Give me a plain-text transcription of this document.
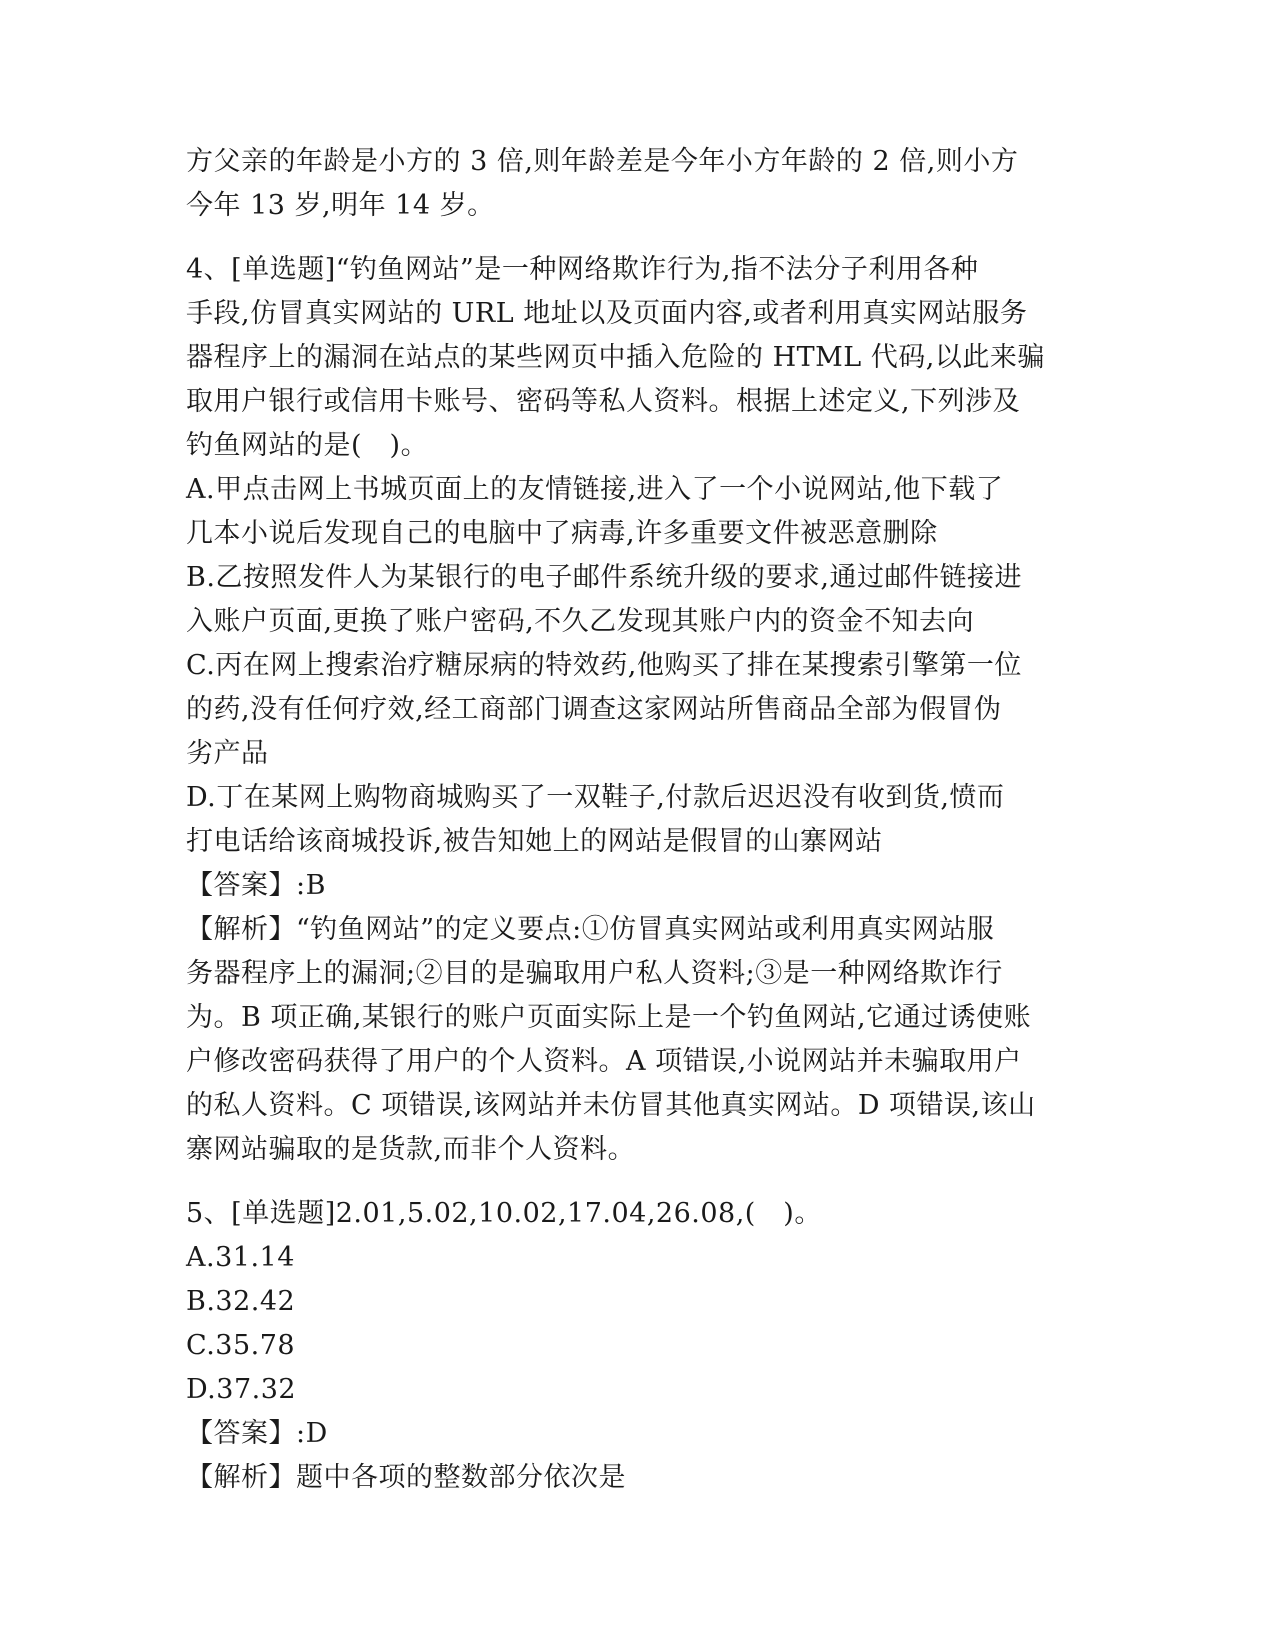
方父亲的年龄是小方的 3 倍,则年龄差是今年小方年龄的 2 倍,则小方
今年 13 岁,明年 14 岁。
4、[单选题]“钓鱼网站”是一种网络欺诈行为,指不法分子利用各种
手段,仿冒真实网站的 URL 地址以及页面内容,或者利用真实网站服务
器程序上的漏洞在站点的某些网页中插入危险的 HTML 代码,以此来骗
取用户银行或信用卡账号、密码等私人资料。根据上述定义,下列涉及
钓鱼网站的是(　)。
A.甲点击网上书城页面上的友情链接,进入了一个小说网站,他下载了
几本小说后发现自己的电脑中了病毒,许多重要文件被恶意删除
B.乙按照发件人为某银行的电子邮件系统升级的要求,通过邮件链接进
入账户页面,更换了账户密码,不久乙发现其账户内的资金不知去向
C.丙在网上搜索治疗糖尿病的特效药,他购买了排在某搜索引擎第一位
的药,没有任何疗效,经工商部门调查这家网站所售商品全部为假冒伪
劣产品
D.丁在某网上购物商城购买了一双鞋子,付款后迟迟没有收到货,愤而
打电话给该商城投诉,被告知她上的网站是假冒的山寨网站
【答案】:B
【解析】“钓鱼网站”的定义要点:①仿冒真实网站或利用真实网站服
务器程序上的漏洞;②目的是骗取用户私人资料;③是一种网络欺诈行
为。B 项正确,某银行的账户页面实际上是一个钓鱼网站,它通过诱使账
户修改密码获得了用户的个人资料。A 项错误,小说网站并未骗取用户
的私人资料。C 项错误,该网站并未仿冒其他真实网站。D 项错误,该山
寨网站骗取的是货款,而非个人资料。
5、[单选题]2.01,5.02,10.02,17.04,26.08,(　)。
A.31.14
B.32.42
C.35.78
D.37.32
【答案】:D
【解析】题中各项的整数部分依次是
